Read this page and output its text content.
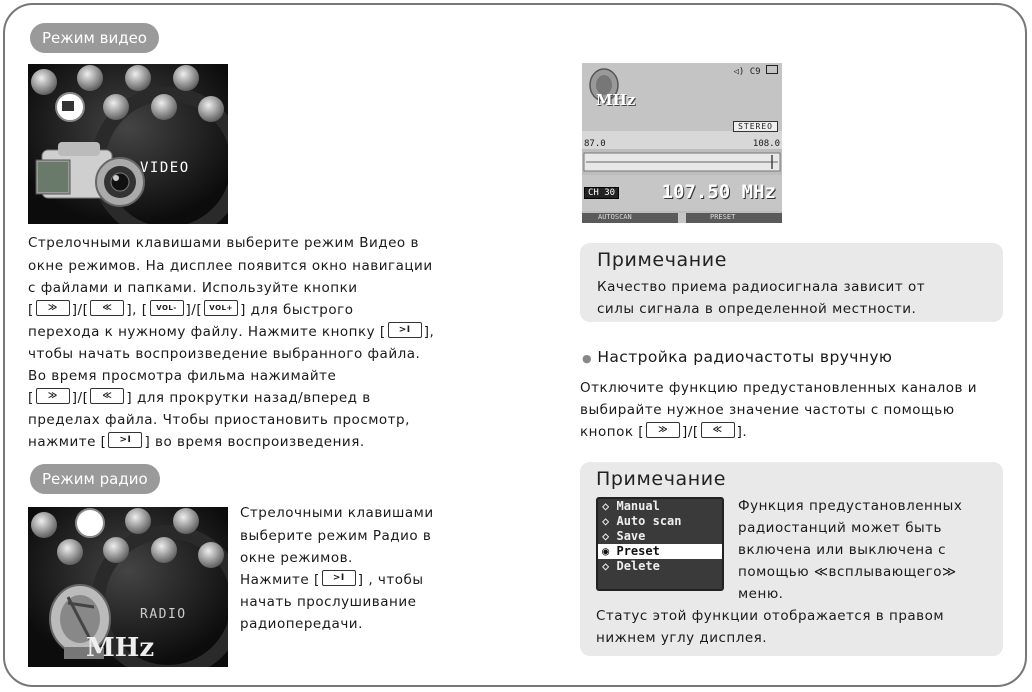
Режим видео
VIDEO
Стрелочными клавишами выберите режим Видео в
окне режимов. На дисплее появится окно навигации
с файлами и папками. Используйте кнопки
[ ≫ ]/[ ≪ ], [ VOL- ]/[ VOL+ ] для быстрого
перехода к нужному файлу. Нажмите кнопку [ >I ],
чтобы начать воспроизведение выбранного файла.
Во время просмотра фильма нажимайте
[ ≫ ]/[ ≪ ] для прокрутки назад/вперед в
пределах файла. Чтобы приостановить просмотр,
нажмите [ >I ] во время воспроизведения.
Режим радио
RADIO
MHz
Стрелочными клавишами
выберите режим Радио в
окне режимов.
Нажмите [ >I ] , чтобы
начать прослушивание
радиопередачи.
MHz
◁) C9
STEREO
87.0	108.0
CH 30 107.50 MHz
AUTOSCAN	PRESET
Примечание
Качество приема радиосигнала зависит от
силы сигнала в определенной местности.
● Настройка радиочастоты вручную
Отключите функцию предустановленных каналов и
выбирайте нужное значение частоты с помощью
кнопок [ ≫ ]/[ ≪ ].
Примечание
Функция предустановленных
радиостанций может быть
включена или выключена с
помощью ≪всплывающего≫
меню.
Статус этой функции отображается в правом
нижнем углу дисплея.
◇ Manual
◇ Auto scan
◇ Save
◉ Preset
◇ Delete
